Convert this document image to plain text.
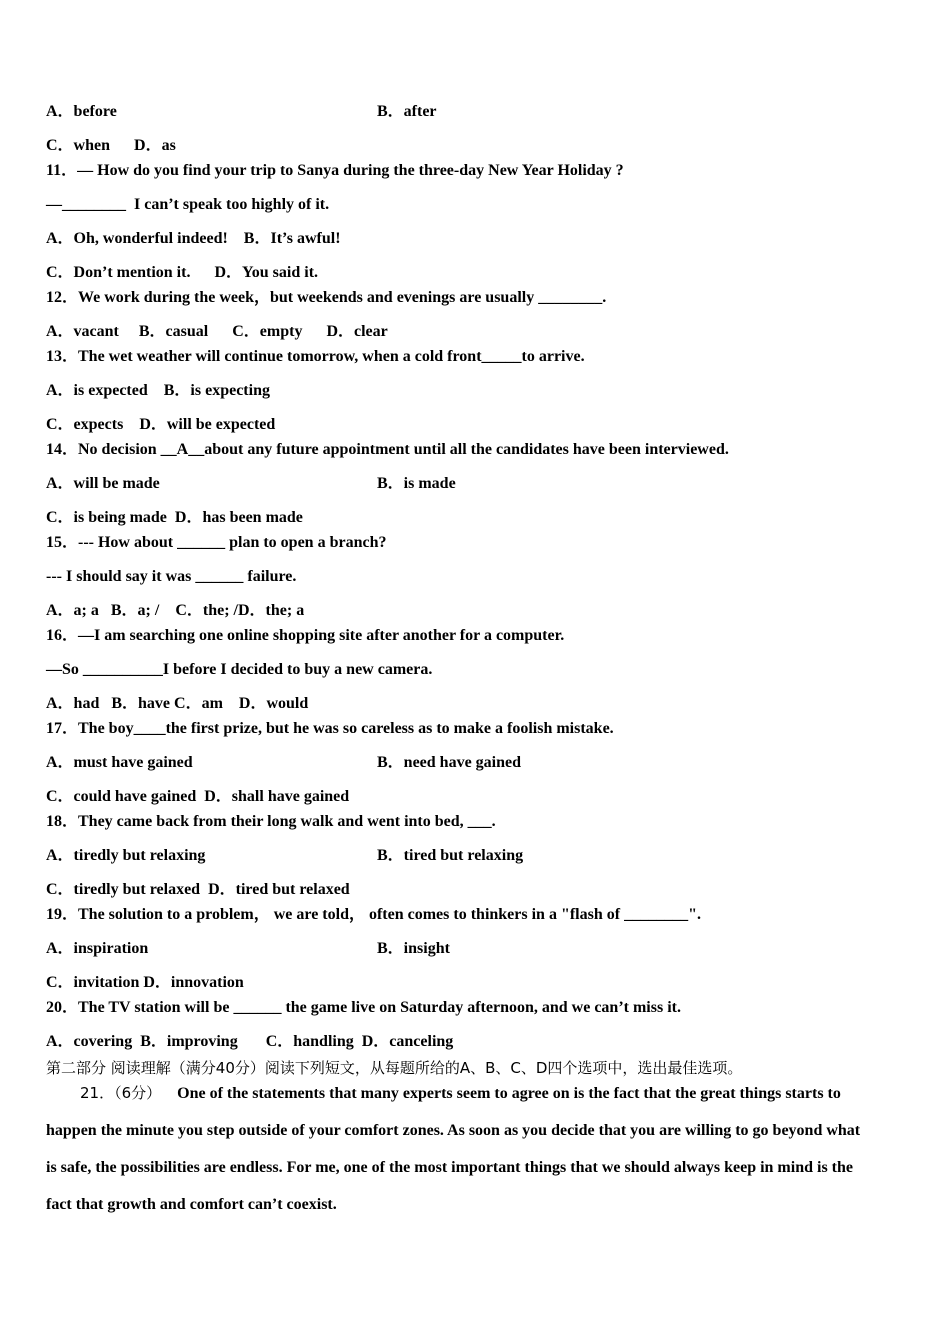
A．before	B．after
C．when      D．as
11．— How do you find your trip to Sanya during the three-day New Year Holiday ?
—________  I can’t speak too highly of it.
A．Oh, wonderful indeed!    B．It’s awful!
C．Don’t mention it.      D．You said it.
12．We work during the week，but weekends and evenings are usually ________.
A．vacant     B．casual      C．empty      D．clear
13．The wet weather will continue tomorrow, when a cold front_____to arrive.
A．is expected    B．is expecting
C．expects    D．will be expected
14．No decision __A__about any future appointment until all the candidates have been interviewed.
A．will be made	B．is made
C．is being made  D．has been made
15．--- How about ______ plan to open a branch?
--- I should say it was ______ failure.
A．a; a   B．a; /    C．the; /D．the; a
16．—I am searching one online shopping site after another for a computer.
—So __________I before I decided to buy a new camera.
A．had   B．have C．am    D．would
17．The boy____the first prize, but he was so careless as to make a foolish mistake.
A．must have gained	B．need have gained
C．could have gained  D．shall have gained
18．They came back from their long walk and went into bed, ___.
A．tiredly but relaxing	B．tired but relaxing
C．tiredly but relaxed  D．tired but relaxed
19．The solution to a problem， we are told， often comes to thinkers in a "flash of ________".
A．inspiration	B．insight
C．invitation D．innovation
20．The TV station will be ______ the game live on Saturday afternoon, and we can’t miss it.
A．covering  B．improving       C．handling  D．canceling
第二部分 阅读理解（满分40分）阅读下列短文，从每题所给的A、B、C、D四个选项中，选出最佳选项。
21．（6分） One of the statements that many experts seem to agree on is the fact that the great things starts to
happen the minute you step outside of your comfort zones. As soon as you decide that you are willing to go beyond what
is safe, the possibilities are endless. For me, one of the most important things that we should always keep in mind is the
fact that growth and comfort can’t coexist.
